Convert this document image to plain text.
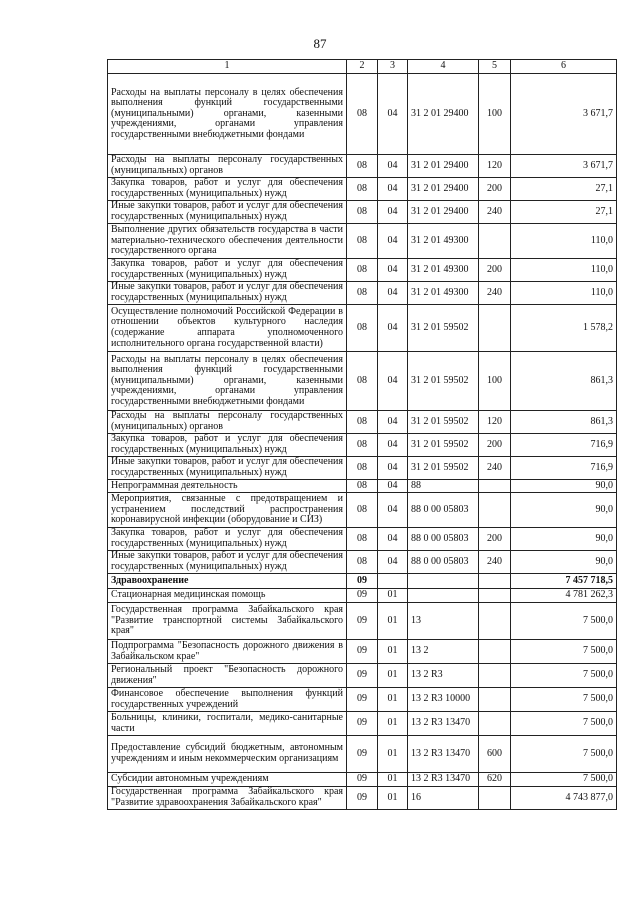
87
1	2	3	4	5	6
Расходы на выплаты персоналу в целях обеспечения выполнения функций государственными (муниципальными) органами, казенными учреждениями, органами управления государственными внебюджетными фондами	08	04	31 2 01 29400	100	3 671,7
Расходы на выплаты персоналу государственных (муниципальных) органов	08	04	31 2 01 29400	120	3 671,7
Закупка товаров, работ и услуг для обеспечения государственных (муниципальных) нужд	08	04	31 2 01 29400	200	27,1
Иные закупки товаров, работ и услуг для обеспечения государственных (муниципальных) нужд	08	04	31 2 01 29400	240	27,1
Выполнение других обязательств государства в части материально-технического обеспечения деятельности государственного органа	08	04	31 2 01 49300		110,0
Закупка товаров, работ и услуг для обеспечения государственных (муниципальных) нужд	08	04	31 2 01 49300	200	110,0
Иные закупки товаров, работ и услуг для обеспечения государственных (муниципальных) нужд	08	04	31 2 01 49300	240	110,0
Осуществление полномочий Российской Федерации в отношении объектов культурного наследия (содержание аппарата уполномоченного исполнительного органа государственной власти)	08	04	31 2 01 59502		1 578,2
Расходы на выплаты персоналу в целях обеспечения выполнения функций государственными (муниципальными) органами, казенными учреждениями, органами управления государственными внебюджетными фондами	08	04	31 2 01 59502	100	861,3
Расходы на выплаты персоналу государственных (муниципальных) органов	08	04	31 2 01 59502	120	861,3
Закупка товаров, работ и услуг для обеспечения государственных (муниципальных) нужд	08	04	31 2 01 59502	200	716,9
Иные закупки товаров, работ и услуг для обеспечения государственных (муниципальных) нужд	08	04	31 2 01 59502	240	716,9
Непрограммная деятельность	08	04	88		90,0
Мероприятия, связанные с предотвращением и устранением последствий распространения коронавирусной инфекции (оборудование и СИЗ)	08	04	88 0 00 05803		90,0
Закупка товаров, работ и услуг для обеспечения государственных (муниципальных) нужд	08	04	88 0 00 05803	200	90,0
Иные закупки товаров, работ и услуг для обеспечения государственных (муниципальных) нужд	08	04	88 0 00 05803	240	90,0
Здравоохранение	09				7 457 718,5
Стационарная медицинская помощь	09	01			4 781 262,3
Государственная программа Забайкальского края "Развитие транспортной системы Забайкальского края"	09	01	13		7 500,0
Подпрограмма "Безопасность дорожного движения в Забайкальском крае"	09	01	13 2		7 500,0
Региональный проект "Безопасность дорожного движения"	09	01	13 2 R3		7 500,0
Финансовое обеспечение выполнения функций государственных учреждений	09	01	13 2 R3 10000		7 500,0
Больницы, клиники, госпитали, медико-санитарные части	09	01	13 2 R3 13470		7 500,0
Предоставление субсидий бюджетным, автономным учреждениям и иным некоммерческим организациям	09	01	13 2 R3 13470	600	7 500,0
Субсидии автономным учреждениям	09	01	13 2 R3 13470	620	7 500,0
Государственная программа Забайкальского края "Развитие здравоохранения Забайкальского края"	09	01	16		4 743 877,0
